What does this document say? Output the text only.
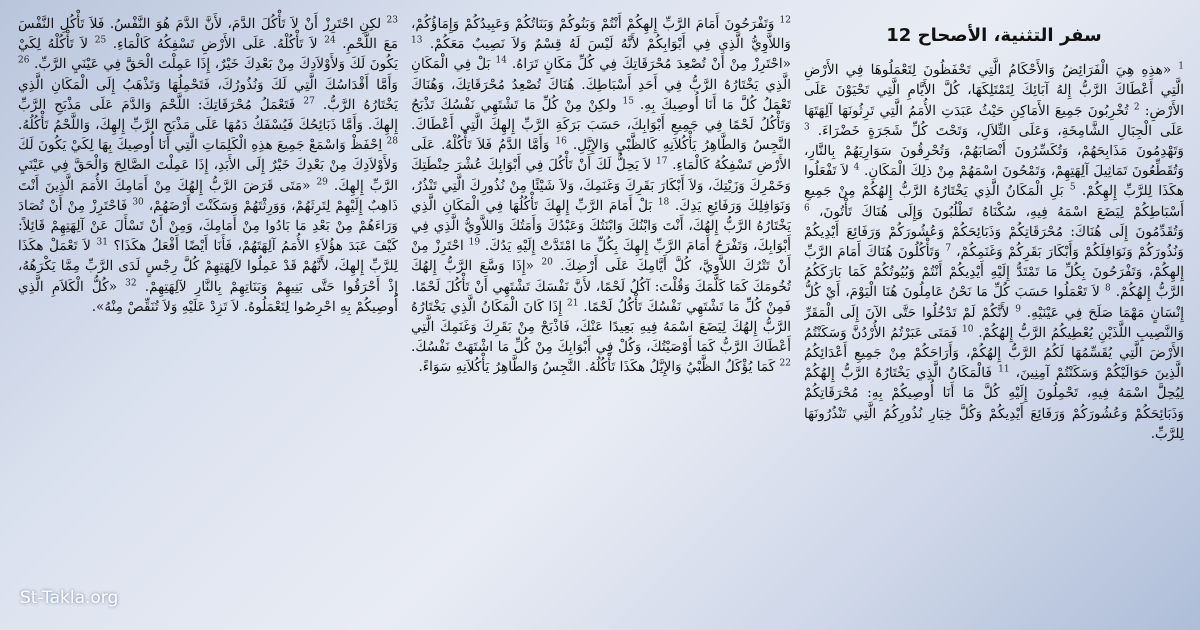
سفر التثنية، الأصحاح 12
$^1$ «هذِهِ هِيَ الْفَرَائِضُ وَالأَحْكَامُ الَّتِي تَحْفَظُونَ لِتَعْمَلُوهَا فِي الأَرْضِ الَّتِي أَعْطَاكَ الرَّبُّ إِلهُ آبَائِكَ لِتَمْتَلِكَهَا، كُلَّ الأَيَّامِ الَّتِي تَحْيَوْنَ عَلَى الأَرْضِ: $^2$ تُخْرِبُونَ جَمِيعَ الأَمَاكِنِ حَيْثُ عَبَدَتِ الأُمَمُ الَّتِي تَرِثُونَهَا آلِهَتَهَا عَلَى الْجِبَالِ الشَّامِخَةِ، وَعَلَى التِّلاَلِ، وَتَحْتَ كُلِّ شَجَرَةٍ خَضْرَاءَ. $^3$ وَتَهْدِمُونَ مَذَابِحَهُمْ، وَتُكَسِّرُونَ أَنْصَابَهُمْ، وَتُحْرِقُونَ سَوَارِيَهُمْ بِالنَّارِ، وَتُقَطِّعُونَ تَمَاثِيلَ آلِهَتِهِمْ، وَتَمْحُونَ اسْمَهُمْ مِنْ ذلِكَ الْمَكَانِ. $^4$ لاَ تَفْعَلُوا هكَذَا لِلرَّبِّ إِلهِكُمْ. $^5$ بَلِ الْمَكَانُ الَّذِي يَخْتَارُهُ الرَّبُّ إِلهُكُمْ مِنْ جَمِيعِ أَسْبَاطِكُمْ لِيَضَعَ اسْمَهُ فِيهِ، سُكْنَاهُ تَطْلُبُونَ وَإِلَى هُنَاكَ تَأْتُونَ، $^6$ وَتُقَدِّمُونَ إِلَى هُنَاكَ: مُحْرَقَاتِكُمْ وَذَبَائِحَكُمْ وَعُشُورَكُمْ وَرَفَائِعَ أَيْدِيكُمْ وَنُذُورَكُمْ وَنَوَافِلَكُمْ وَأَبْكَارَ بَقَرِكُمْ وَغَنَمِكُمْ، $^7$ وَتَأْكُلُونَ هُنَاكَ أَمَامَ الرَّبِّ إِلهِكُمْ، وَتَفْرَحُونَ بِكُلِّ مَا تَمْتَدُّ إِلَيْهِ أَيْدِيكُمْ أَنْتُمْ وَبُيُوتُكُمْ كَمَا بَارَكَكُمُ الرَّبُّ إِلهُكُمْ. $^8$ لاَ تَعْمَلُوا حَسَبَ كُلِّ مَا نَحْنُ عَامِلُونَ هُنَا الْيَوْمَ، أَيْ كُلُّ إِنْسَانٍ مَهْمَا صَلَحَ فِي عَيْنَيْهِ. $^9$ لأَنَّكُمْ لَمْ تَدْخُلُوا حَتَّى الآنَ إِلَى الْمَقَرِّ وَالنَّصِيبِ اللَّذَيْنِ يُعْطِيكُمُ الرَّبُّ إِلهُكُمْ. $^{10}$ فَمَتَى عَبَرْتُمُ الأُرْدُنَّ وَسَكَنْتُمُ الأَرْضَ الَّتِي يُقَسِّمُهَا لَكُمُ الرَّبُّ إِلهُكُمْ، وَأَرَاحَكُمْ مِنْ جَمِيعِ أَعْدَائِكُمُ الَّذِينَ حَوَالَيْكُمْ وَسَكَنْتُمْ آمِنِينَ، $^{11}$ فَالْمَكَانُ الَّذِي يَخْتَارُهُ الرَّبُّ إِلهُكُمْ لِيُحِلَّ اسْمَهُ فِيهِ، تَحْمِلُونَ إِلَيْهِ كُلَّ مَا أَنَا أُوصِيكُمْ بِهِ: مُحْرَقَاتِكُمْ وَذَبَائِحَكُمْ وَعُشُورَكُمْ وَرَفَائِعَ أَيْدِيكُمْ وَكُلَّ خِيَارِ نُذُورِكُمُ الَّتِي تَنْذُرُونَهَا لِلرَّبِّ.
$^{12}$ وَتَفْرَحُونَ أَمَامَ الرَّبِّ إِلهِكُمْ أَنْتُمْ وَبَنُوكُمْ وَبَنَاتُكُمْ وَعَبِيدُكُمْ وَإِمَاؤُكُمْ، وَاللاَّوِيُّ الَّذِي فِي أَبْوَابِكُمْ لأَنَّهُ لَيْسَ لَهُ قِسْمٌ وَلاَ نَصِيبٌ مَعَكُمْ. $^{13}$ «احْتَرِزْ مِنْ أَنْ تُصْعِدَ مُحْرَقَاتِكَ فِي كُلِّ مَكَانٍ تَرَاهُ. $^{14}$ بَلْ فِي الْمَكَانِ الَّذِي يَخْتَارُهُ الرَّبُّ فِي أَحَدِ أَسْبَاطِكَ. هُنَاكَ تُصْعِدُ مُحْرَقَاتِكَ، وَهُنَاكَ تَعْمَلُ كُلَّ مَا أَنَا أُوصِيكَ بِهِ. $^{15}$ ولكِنْ مِنْ كُلِّ مَا تَشْتَهِي نَفْسُكَ تَذْبَحُ وَتَأْكُلُ لَحْمًا فِي جَمِيعِ أَبْوَابِكَ، حَسَبَ بَرَكَةِ الرَّبِّ إِلهِكَ الَّتِي أَعْطَاكَ. النَّجِسُ وَالطَّاهِرُ يَأْكُلاَنِهِ كَالظَّبْيِ وَالإِيَّلِ. $^{16}$ وَأَمَّا الدَّمُ فَلاَ تَأْكُلْهُ. عَلَى الأَرْضِ تَسْفِكُهُ كَالْمَاءِ. $^{17}$ لاَ يَحِلُّ لَكَ أَنْ تَأْكُلَ فِي أَبْوَابِكَ عُشْرَ حِنْطَتِكَ وَخَمْرِكَ وَزَيْتِكَ، وَلاَ أَبْكَارَ بَقَرِكَ وَغَنَمِكَ، وَلاَ شَيْئًا مِنْ نُذُورِكَ الَّتِي تَنْذُرُ، وَنَوَافِلِكَ وَرَفَائِعِ يَدِكَ. $^{18}$ بَلْ أَمَامَ الرَّبِّ إِلهِكَ تَأْكُلُهَا فِي الْمَكَانِ الَّذِي يَخْتَارُهُ الرَّبُّ إِلهُكَ، أَنْتَ وَابْنُكَ وَابْنَتُكَ وَعَبْدُكَ وَأَمَتُكَ وَاللاَّوِيُّ الَّذِي فِي أَبْوَابِكَ، وَتَفْرَحُ أَمَامَ الرَّبِّ إِلهِكَ بِكُلِّ مَا امْتَدَّتْ إِلَيْهِ يَدُكَ. $^{19}$ احْتَرِزْ مِنْ أَنْ تَتْرُكَ اللاَّوِيَّ، كُلَّ أَيَّامِكَ عَلَى أَرْضِكَ. $^{20}$ «إِذَا وَسَّعَ الرَّبُّ إِلهُكَ تُخُومَكَ كَمَا كَلَّمَكَ وَقُلْتَ: آكُلُ لَحْمًا، لأَنَّ نَفْسَكَ تَشْتَهِي أَنْ تَأْكُلَ لَحْمًا. فَمِنْ كُلِّ مَا تَشْتَهِي نَفْسُكَ تَأْكُلُ لَحْمًا. $^{21}$ إِذَا كَانَ الْمَكَانُ الَّذِي يَخْتَارُهُ الرَّبُّ إِلهُكَ لِيَضَعَ اسْمَهُ فِيهِ بَعِيدًا عَنْكَ، فَاذْبَحْ مِنْ بَقَرِكَ وَغَنَمِكَ الَّتِي أَعْطَاكَ الرَّبُّ كَمَا أَوْصَيْتُكَ، وَكُلْ فِي أَبْوَابِكَ مِنْ كُلِّ مَا اشْتَهَتْ نَفْسُكَ. $^{22}$ كَمَا يُؤْكَلُ الظَّبْيُ وَالإِيَّلُ هكَذَا تَأْكُلُهُ. النَّجِسُ وَالطَّاهِرُ يَأْكُلاَنِهِ سَوَاءً.
$^{23}$ لكِنِ احْتَرِزْ أَنْ لاَ تَأْكُلَ الدَّمَ، لأَنَّ الدَّمَ هُوَ النَّفْسُ. فَلاَ تَأْكُلِ النَّفْسَ مَعَ اللَّحْمِ. $^{24}$ لاَ تَأْكُلْهُ. عَلَى الأَرْضِ تَسْفِكُهُ كَالْمَاءِ. $^{25}$ لاَ تَأْكُلْهُ لِكَيْ يَكُونَ لَكَ وَلأَوْلاَدِكَ مِنْ بَعْدِكَ خَيْرٌ، إِذَا عَمِلْتَ الْحَقَّ فِي عَيْنَيِ الرَّبِّ. $^{26}$ وَأَمَّا أَقْدَاسُكَ الَّتِي لَكَ وَنُذُورُكَ، فَتَحْمِلُهَا وَتَذْهَبُ إِلَى الْمَكَانِ الَّذِي يَخْتَارُهُ الرَّبُّ. $^{27}$ فَتَعْمَلُ مُحْرَقَاتِكَ: اللَّحْمَ وَالدَّمَ عَلَى مَذْبَحِ الرَّبِّ إِلهِكَ. وَأَمَّا ذَبَائِحُكَ فَيُسْفَكُ دَمُهَا عَلَى مَذْبَحِ الرَّبِّ إِلهِكَ، وَاللَّحْمُ تَأْكُلُهُ. $^{28}$ اِحْفَظْ وَاسْمَعْ جَمِيعَ هذِهِ الْكَلِمَاتِ الَّتِي أَنَا أُوصِيكَ بِهَا لِكَيْ يَكُونَ لَكَ وَلأَوْلاَدِكَ مِنْ بَعْدِكَ خَيْرٌ إِلَى الأَبَدِ، إِذَا عَمِلْتَ الصَّالِحَ وَالْحَقَّ فِي عَيْنَيِ الرَّبِّ إِلهِكَ. $^{29}$ «مَتَى قَرَضَ الرَّبُّ إِلهُكَ مِنْ أَمَامِكَ الأُمَمَ الَّذِينَ أَنْتَ ذَاهِبٌ إِلَيْهِمْ لِتَرِثَهُمْ، وَوَرِثْتَهُمْ وَسَكَنْتَ أَرْضَهُمْ، $^{30}$ فَاحْتَرِزْ مِنْ أَنْ تُصَادَ وَرَاءَهُمْ مِنْ بَعْدِ مَا بَادُوا مِنْ أَمَامِكَ، وَمِنْ أَنْ تَسْأَلَ عَنْ آلِهَتِهِمْ قَائِلاً: كَيْفَ عَبَدَ هؤُلاَءِ الأُمَمُ آلِهَتَهُمْ، فَأَنَا أَيْضًا أَفْعَلُ هكَذَا؟ $^{31}$ لاَ تَعْمَلْ هكَذَا لِلرَّبِّ إِلهِكَ، لأَنَّهُمْ قَدْ عَمِلُوا لآلِهَتِهِمْ كُلَّ رِجْسٍ لَدَى الرَّبِّ مِمَّا يَكْرَهُهُ، إِذْ أَحْرَقُوا حَتَّى بَنِيهِمْ وَبَنَاتِهِمْ بِالنَّارِ لآلِهَتِهِمْ. $^{32}$ «كُلُّ الْكَلاَمِ الَّذِي أُوصِيكُمْ بِهِ احْرِصُوا لِتَعْمَلُوهُ. لاَ تَزِدْ عَلَيْهِ وَلاَ تُنَقِّصْ مِنْهُ».
St-Takla.org
